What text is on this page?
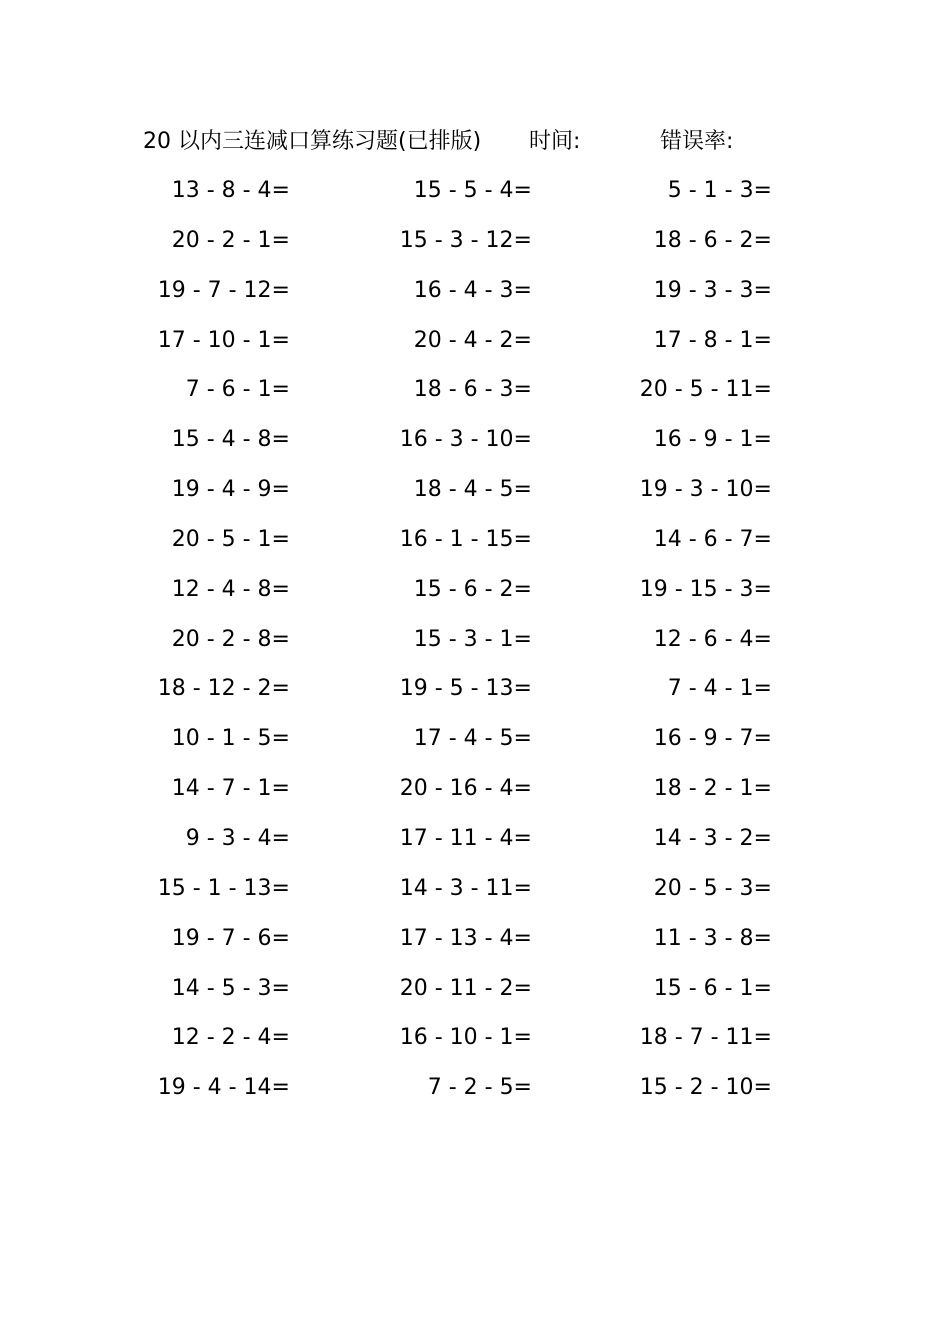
20 以内三连减口算练习题(已排版) 时间:	错误率:
13 - 8 - 4=	15 - 5 - 4=	5 - 1 - 3=
20 - 2 - 1=	15 - 3 - 12=	18 - 6 - 2=
19 - 7 - 12=	16 - 4 - 3=	19 - 3 - 3=
17 - 10 - 1=	20 - 4 - 2=	17 - 8 - 1=
7 - 6 - 1=	18 - 6 - 3=	20 - 5 - 11=
15 - 4 - 8=	16 - 3 - 10=	16 - 9 - 1=
19 - 4 - 9=	18 - 4 - 5=	19 - 3 - 10=
20 - 5 - 1=	16 - 1 - 15=	14 - 6 - 7=
12 - 4 - 8=	15 - 6 - 2=	19 - 15 - 3=
20 - 2 - 8=	15 - 3 - 1=	12 - 6 - 4=
18 - 12 - 2=	19 - 5 - 13=	7 - 4 - 1=
10 - 1 - 5=	17 - 4 - 5=	16 - 9 - 7=
14 - 7 - 1=	20 - 16 - 4=	18 - 2 - 1=
9 - 3 - 4=	17 - 11 - 4=	14 - 3 - 2=
15 - 1 - 13=	14 - 3 - 11=	20 - 5 - 3=
19 - 7 - 6=	17 - 13 - 4=	11 - 3 - 8=
14 - 5 - 3=	20 - 11 - 2=	15 - 6 - 1=
12 - 2 - 4=	16 - 10 - 1=	18 - 7 - 11=
19 - 4 - 14=	7 - 2 - 5=	15 - 2 - 10=
